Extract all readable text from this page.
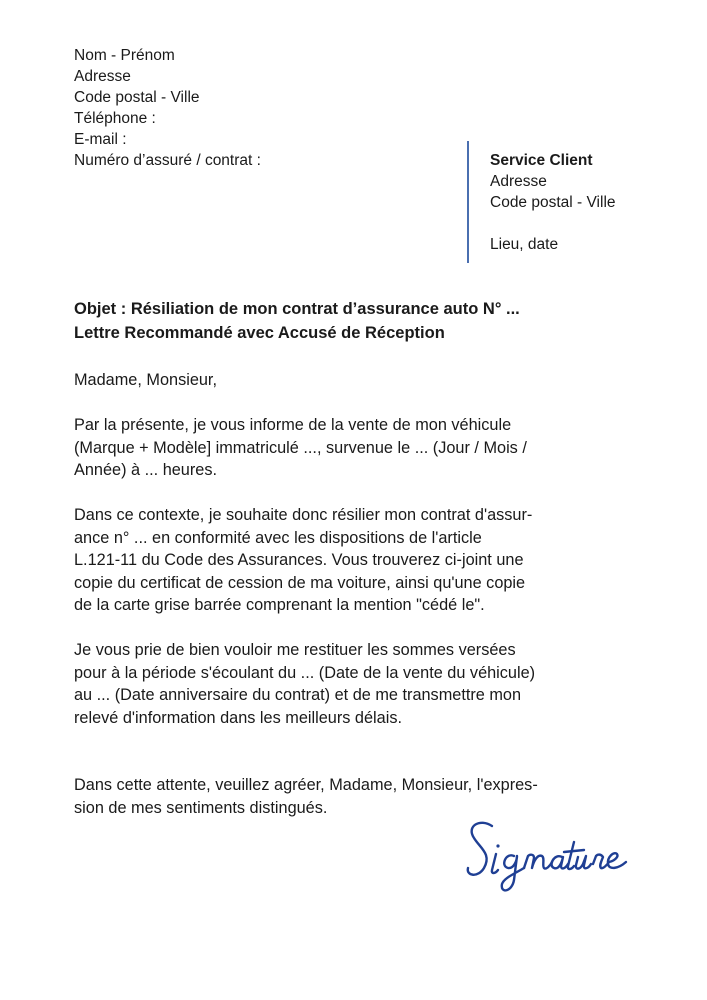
Nom - Prénom
Adresse
Code postal - Ville
Téléphone :
E-mail :
Numéro d’assuré / contrat :	Service Client
Adresse
Code postal - Ville
Lieu, date
Objet : Résiliation de mon contrat d’assurance auto N° ...
Lettre Recommandé avec Accusé de Réception

Madame, Monsieur,

Par la présente, je vous informe de la vente de mon véhicule

(Marque + Modèle] immatriculé ..., survenue le ... (Jour / Mois /

Année) à ... heures.

Dans ce contexte, je souhaite donc résilier mon contrat d'assur-

ance n° ... en conformité avec les dispositions de l'article

L.121-11 du Code des Assurances. Vous trouverez ci-joint une

copie du certificat de cession de ma voiture, ainsi qu'une copie

de la carte grise barrée comprenant la mention "cédé le".

Je vous prie de bien vouloir me restituer les sommes versées

pour à la période s'écoulant du ... (Date de la vente du véhicule)

au ... (Date anniversaire du contrat) et de me transmettre mon

relevé d'information dans les meilleurs délais.

Dans cette attente, veuillez agréer, Madame, Monsieur, l'expres-

sion de mes sentiments distingués.
